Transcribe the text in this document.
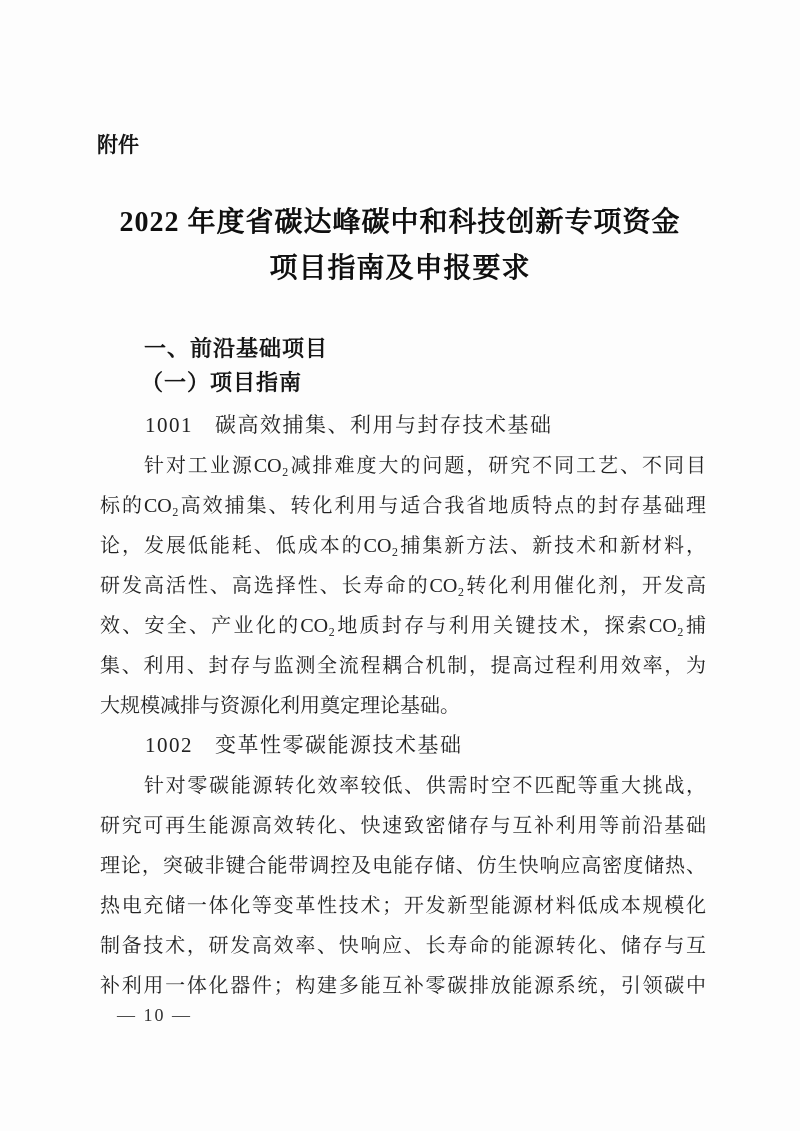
附件
2022 年度省碳达峰碳中和科技创新专项资金
项目指南及申报要求
一、前沿基础项目
（一）项目指南
1001 碳高效捕集、利用与封存技术基础
针对工业源CO₂减排难度大的问题，研究不同工艺、不同目
标的CO₂高效捕集、转化利用与适合我省地质特点的封存基础理
论，发展低能耗、低成本的CO₂捕集新方法、新技术和新材料，
研发高活性、高选择性、长寿命的CO₂转化利用催化剂，开发高
效、安全、产业化的CO₂地质封存与利用关键技术，探索CO₂捕
集、利用、封存与监测全流程耦合机制，提高过程利用效率，为
大规模减排与资源化利用奠定理论基础。
1002 变革性零碳能源技术基础
针对零碳能源转化效率较低、供需时空不匹配等重大挑战，
研究可再生能源高效转化、快速致密储存与互补利用等前沿基础
理论，突破非键合能带调控及电能存储、仿生快响应高密度储热、
热电充储一体化等变革性技术；开发新型能源材料低成本规模化
制备技术，研发高效率、快响应、长寿命的能源转化、储存与互
补利用一体化器件；构建多能互补零碳排放能源系统，引领碳中
— 10 —
